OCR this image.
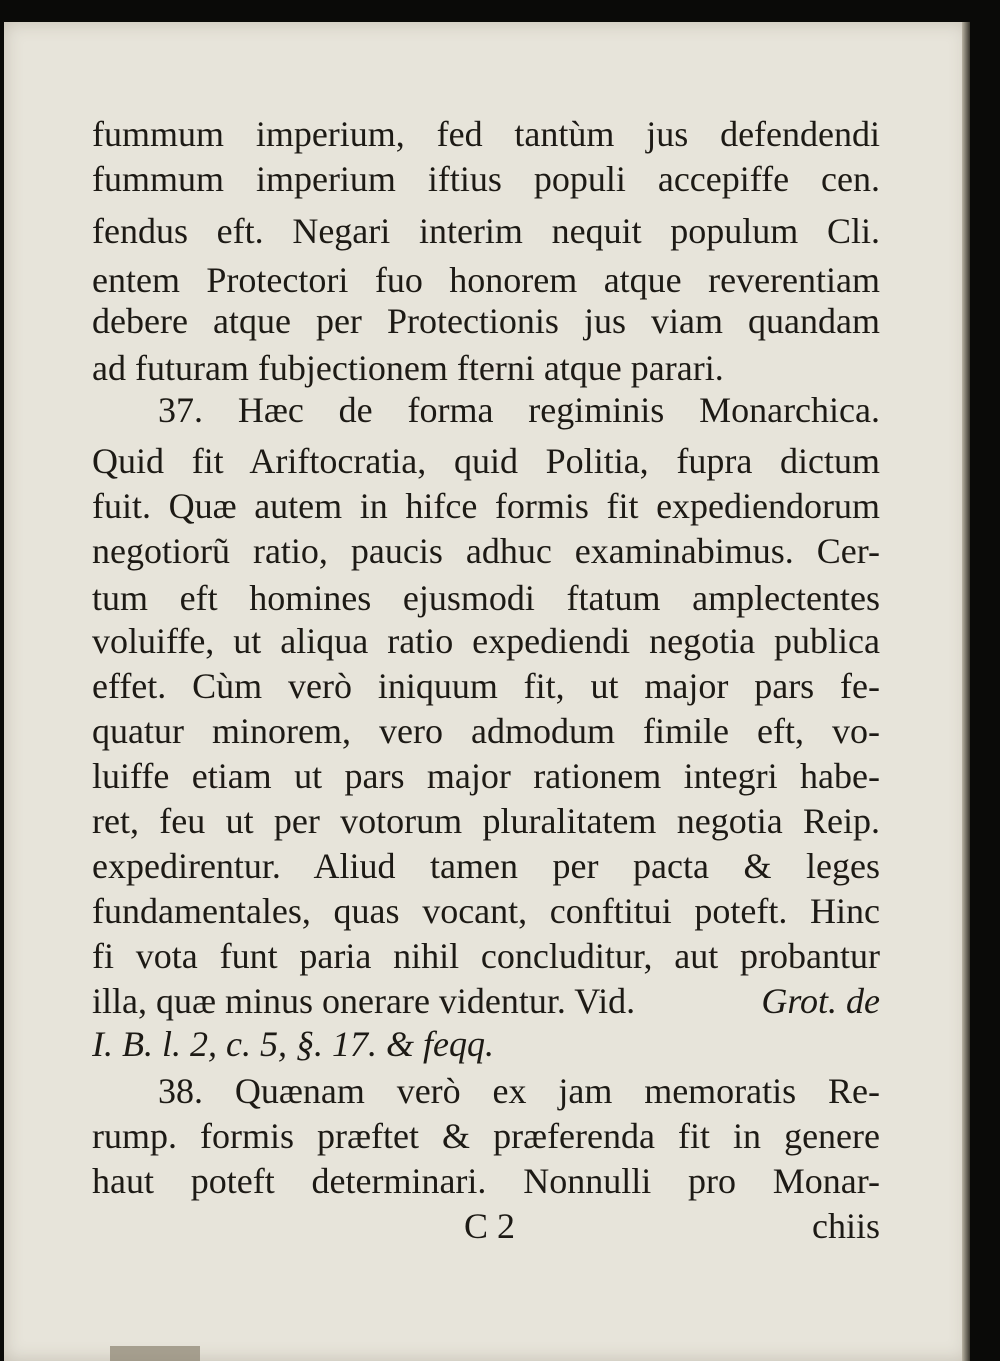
fummum imperium, fed tantùm jus defendendi
fummum imperium iftius populi accepiffe cen.
fendus eft. Negari interim nequit populum Cli.
entem Protectori fuo honorem atque reverentiam
debere atque per Protectionis jus viam quandam
ad futuram fubjectionem fterni atque parari.
37. Hæc de forma regiminis Monarchica.
Quid fit Ariftocratia, quid Politia, fupra dictum
fuit. Quæ autem in hifce formis fit expediendorum
negotiorũ ratio, paucis adhuc examinabimus. Cer-
tum eft homines ejusmodi ftatum amplectentes
voluiffe, ut aliqua ratio expediendi negotia publica
effet. Cùm verò iniquum fit, ut major pars fe-
quatur minorem, vero admodum fimile eft, vo-
luiffe etiam ut pars major rationem integri habe-
ret, feu ut per votorum pluralitatem negotia Reip.
expedirentur. Aliud tamen per pacta & leges
fundamentales, quas vocant, conftitui poteft. Hinc
fi vota funt paria nihil concluditur, aut probantur
illa, quæ minus onerare videntur. Vid.	Grot. de
I. B. l. 2, c. 5, §. 17. & feqq.
38. Quænam verò ex jam memoratis Re-
rump. formis præftet & præferenda fit in genere
haut poteft determinari. Nonnulli pro Monar-
C 2	chiis
